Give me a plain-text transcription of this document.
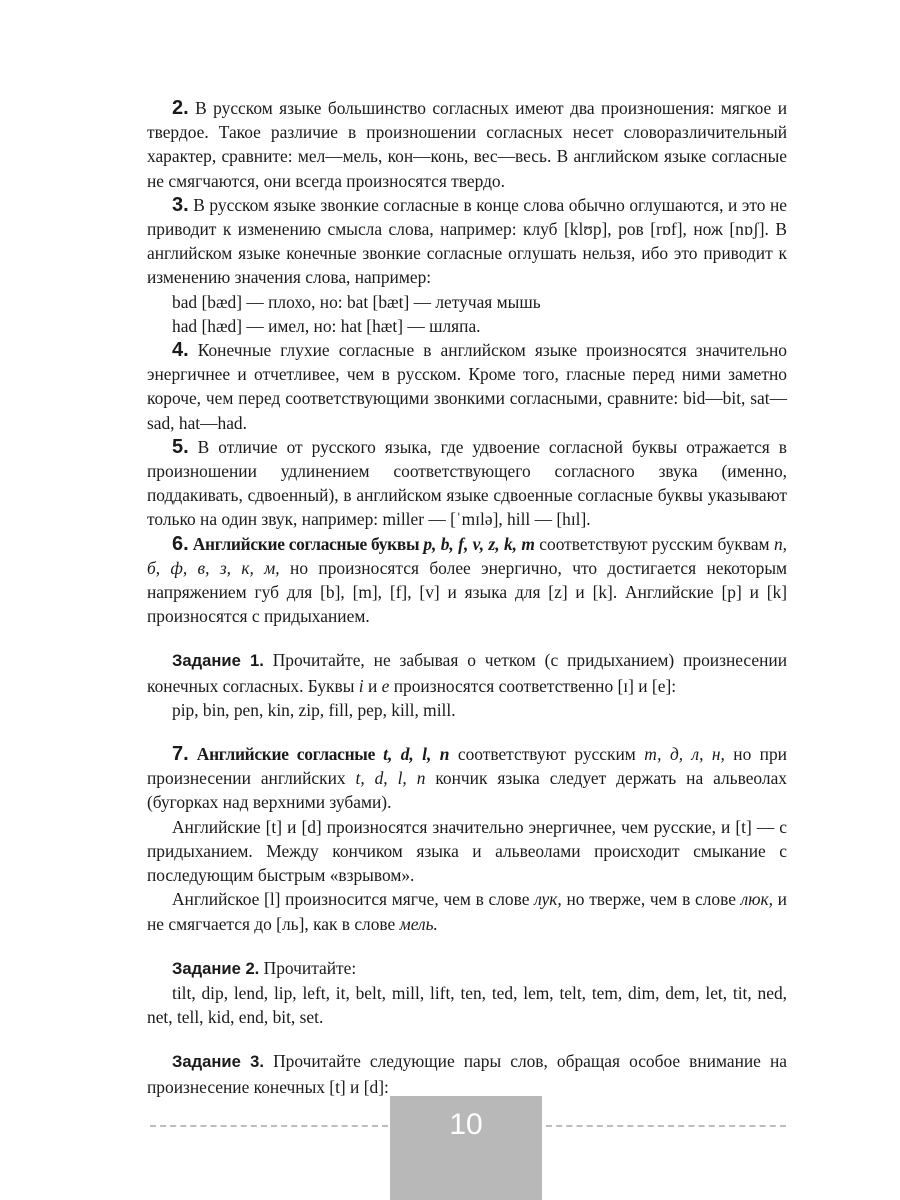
2. В русском языке большинство согласных имеют два произношения: мягкое и твердое. Такое различие в произношении согласных несет словоразличительный характер, сравните: мел—мель, кон—конь, вес—весь. В английском языке согласные не смягчаются, они всегда произносятся твердо.

3. В русском языке звонкие согласные в конце слова обычно оглушаются, и это не приводит к изменению смысла слова, например: клуб [klʊp], ров [rɒf], нож [nɒʃ]. В английском языке конечные звонкие согласные оглушать нельзя, ибо это приводит к изменению значения слова, например:

bad [bæd] — плохо, но: bat [bæt] — летучая мышь

had [hæd] — имел, но: hat [hæt] — шляпа.

4. Конечные глухие согласные в английском языке произносятся значительно энергичнее и отчетливее, чем в русском. Кроме того, гласные перед ними заметно короче, чем перед соответствующими звонкими согласными, сравните: bid—bit, sat—sad, hat—had.

5. В отличие от русского языка, где удвоение согласной буквы отражается в произношении удлинением соответствующего согласного звука (именно, поддакивать, сдвоенный), в английском языке сдвоенные согласные буквы указывают только на один звук, например: miller — [ˈmɪlə], hill — [hɪl].

6. Английские согласные буквы p, b, f, v, z, k, m соответствуют русским буквам п, б, ф, в, з, к, м, но произносятся более энергично, что достигается некоторым напряжением губ для [b], [m], [f], [v] и языка для [z] и [k]. Английские [p] и [k] произносятся с придыханием.

Задание 1. Прочитайте, не забывая о четком (с придыханием) произнесении конечных согласных. Буквы i и e произносятся соответственно [ɪ] и [e]:

pip, bin, pen, kin, zip, fill, pep, kill, mill.

7. Английские согласные t, d, l, n соответствуют русским т, д, л, н, но при произнесении английских t, d, l, n кончик языка следует держать на альвеолах (бугорках над верхними зубами).

Английские [t] и [d] произносятся значительно энергичнее, чем русские, и [t] — с придыханием. Между кончиком языка и альвеолами происходит смыкание с последующим быстрым «взрывом».

Английское [l] произносится мягче, чем в слове лук, но тверже, чем в слове люк, и не смягчается до [ль], как в слове мель.

Задание 2. Прочитайте:

tilt, dip, lend, lip, left, it, belt, mill, lift, ten, ted, lem, telt, tem, dim, dem, let, tit, ned, net, tell, kid, end, bit, set.

Задание 3. Прочитайте следующие пары слов, обращая особое внимание на произнесение конечных [t] и [d]:

10
